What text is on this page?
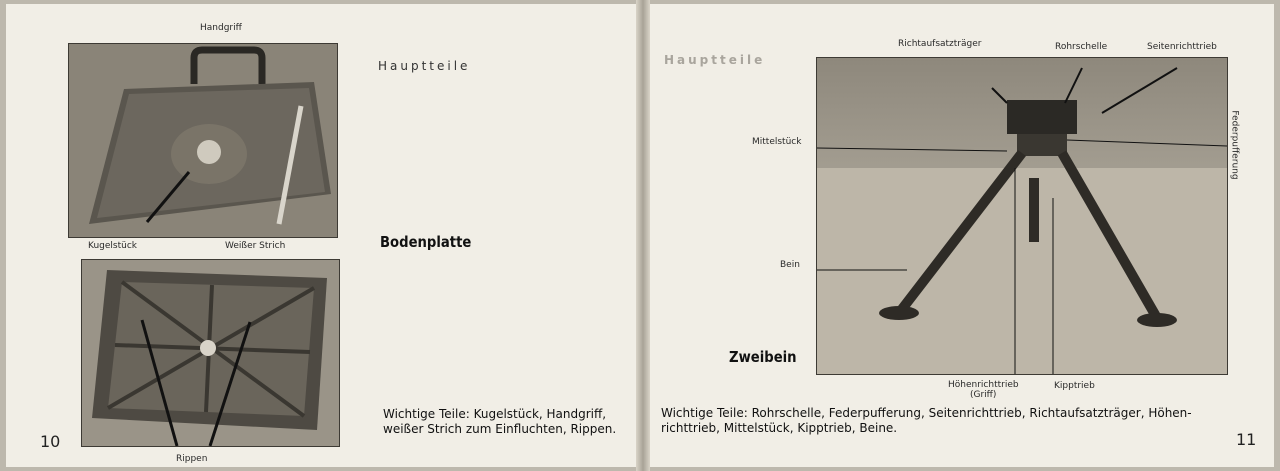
Handgriff
Kugelstück	Weißer Strich
Rippen
Hauptteile
Bodenplatte
Wichtige Teile: Kugelstück, Handgriff,
weißer Strich zum Einfluchten, Rippen.
10
Hauptteile
Richtaufsatzträger	Rohrschelle	Seitenrichttrieb
Mittelstück	Federpufferung
Bein
Zweibein
Höhenrichttrieb
(Griff)
Kipptrieb
Wichtige Teile: Rohrschelle, Federpufferung, Seitenrichttrieb, Richtaufsatzträger, Höhen-
richttrieb, Mittelstück, Kipptrieb, Beine.
11
